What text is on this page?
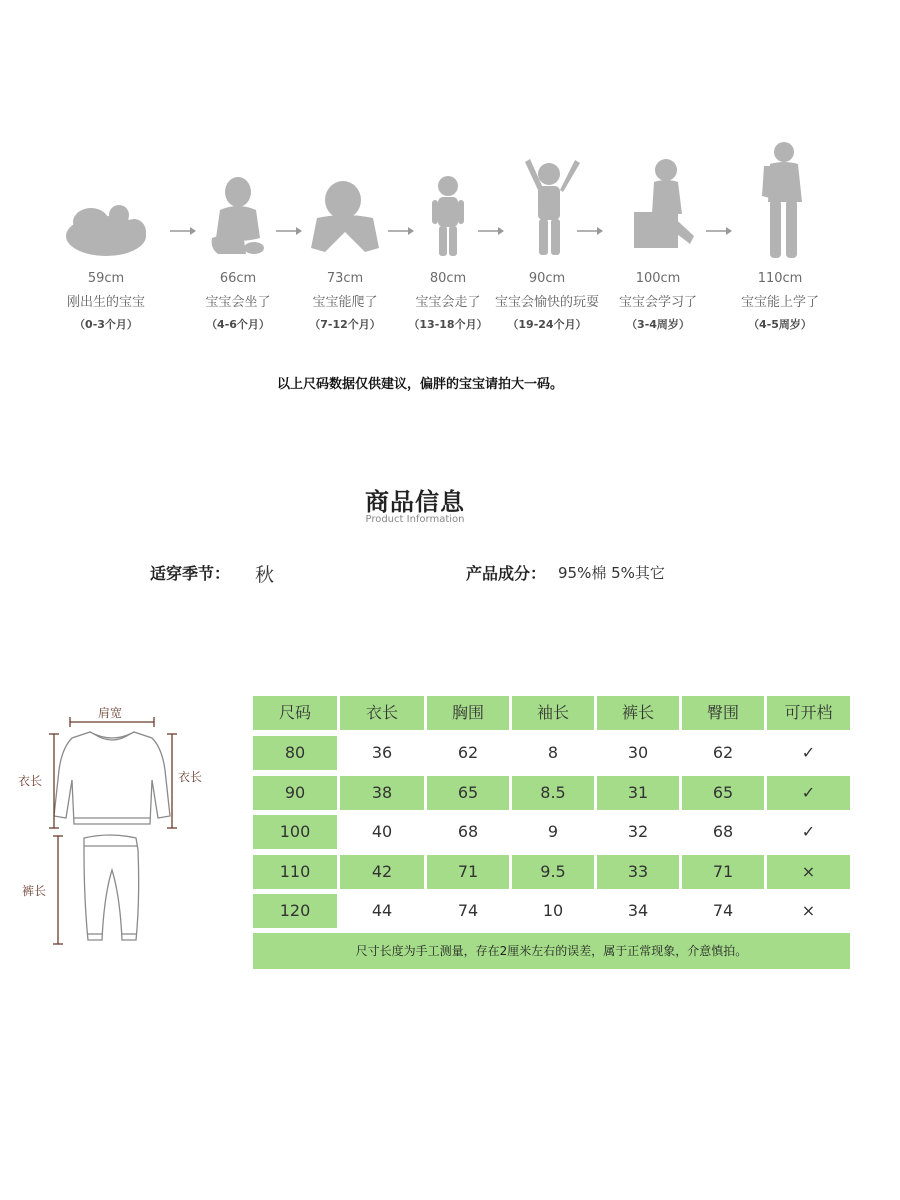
59cm
刚出生的宝宝
（0-3个月）
66cm
宝宝会坐了
（4-6个月）
73cm
宝宝能爬了
（7-12个月）
80cm
宝宝会走了
（13-18个月）
90cm
宝宝会愉快的玩耍
（19-24个月）
100cm
宝宝会学习了
（3-4周岁）
110cm
宝宝能上学了
（4-5周岁）
以上尺码数据仅供建议，偏胖的宝宝请拍大一码。
商品信息
Product Information
适穿季节： 秋	产品成分： 95%棉 5%其它
肩宽
衣长	衣长
裤长
尺码	衣长	胸围	袖长	裤长	臀围	可开档
80	36	62	8	30	62	✓
90	38	65	8.5	31	65	✓
100	40	68	9	32	68	✓
110	42	71	9.5	33	71	×
120	44	74	10	34	74	×
尺寸长度为手工测量，存在2厘米左右的误差，属于正常现象，介意慎拍。
